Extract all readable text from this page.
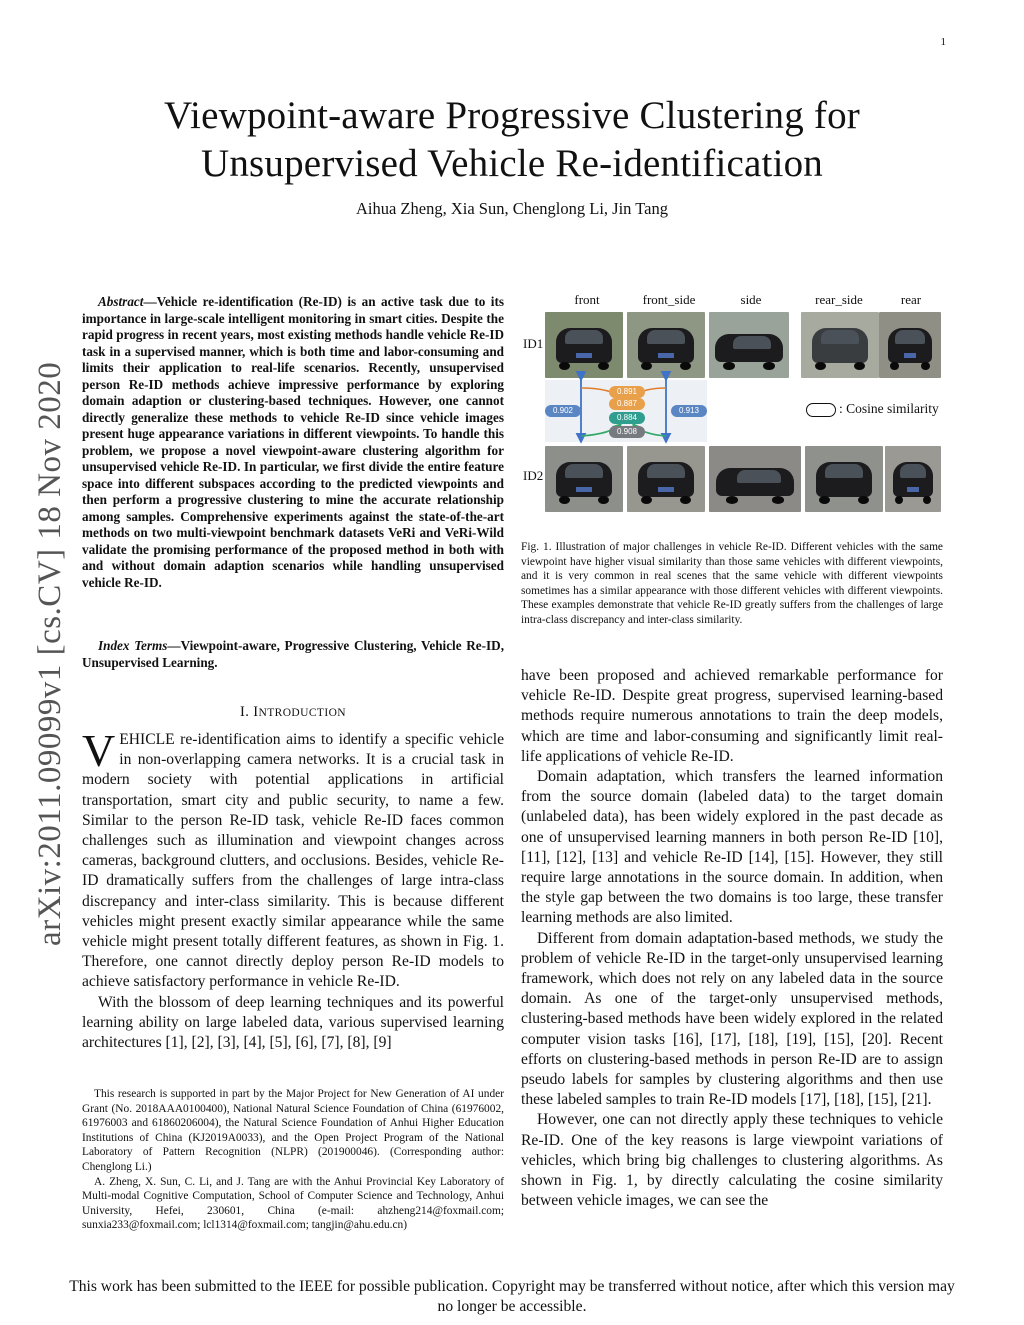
1
Viewpoint-aware Progressive Clustering for
Unsupervised Vehicle Re-identification
Aihua Zheng, Xia Sun, Chenglong Li, Jin Tang
arXiv:2011.09099v1 [cs.CV] 18 Nov 2020
Abstract—Vehicle re-identification (Re-ID) is an active task due to its importance in large-scale intelligent monitoring in smart cities. Despite the rapid progress in recent years, most existing methods handle vehicle Re-ID task in a supervised manner, which is both time and labor-consuming and limits their application to real-life scenarios. Recently, unsupervised person Re-ID methods achieve impressive performance by exploring domain adaption or clustering-based techniques. However, one cannot directly generalize these methods to vehicle Re-ID since vehicle images present huge appearance variations in different viewpoints. To handle this problem, we propose a novel viewpoint-aware clustering algorithm for unsupervised vehicle Re-ID. In particular, we first divide the entire feature space into different subspaces according to the predicted viewpoints and then perform a progressive clustering to mine the accurate relationship among samples. Comprehensive experiments against the state-of-the-art methods on two multi-viewpoint benchmark datasets VeRi and VeRi-Wild validate the promising performance of the proposed method in both with and without domain adaption scenarios while handling unsupervised vehicle Re-ID.
Index Terms—Viewpoint-aware, Progressive Clustering, Vehicle Re-ID, Unsupervised Learning.
I. INTRODUCTION

VEHICLE re-identification aims to identify a specific vehicle in non-overlapping camera networks. It is a crucial task in modern society with potential applications in artificial transportation, smart city and public security, to name a few. Similar to the person Re-ID task, vehicle Re-ID faces common challenges such as illumination and viewpoint changes across cameras, background clutters, and occlusions. Besides, vehicle Re-ID dramatically suffers from the challenges of large intra-class discrepancy and inter-class similarity. This is because different vehicles might present exactly similar appearance while the same vehicle might present totally different features, as shown in Fig. 1. Therefore, one cannot directly deploy person Re-ID models to achieve satisfactory performance in vehicle Re-ID.

With the blossom of deep learning techniques and its powerful learning ability on large labeled data, various supervised learning architectures [1], [2], [3], [4], [5], [6], [7], [8], [9]

This research is supported in part by the Major Project for New Generation of AI under Grant (No. 2018AAA0100400), National Natural Science Foundation of China (61976002, 61976003 and 61860206004), the Natural Science Foundation of Anhui Higher Education Institutions of China (KJ2019A0033), and the Open Project Program of the National Laboratory of Pattern Recognition (NLPR) (201900046). (Corresponding author: Chenglong Li.)

A. Zheng, X. Sun, C. Li, and J. Tang are with the Anhui Provincial Key Laboratory of Multi-modal Cognitive Computation, School of Computer Science and Technology, Anhui University, Hefei, 230601, China (e-mail: ahzheng214@foxmail.com; sunxia233@foxmail.com; lcl1314@foxmail.com; tangjin@ahu.edu.cn)

front	front_side	side	rear_side	rear
ID1
ID2
0.902
0.891
0.887
0.884
0.908
0.913	: Cosine similarity
Fig. 1. Illustration of major challenges in vehicle Re-ID. Different vehicles with the same viewpoint have higher visual similarity than those same vehicles with different viewpoints, and it is very common in real scenes that the same vehicle with different viewpoints sometimes has a similar appearance with those different vehicles with different viewpoints. These examples demonstrate that vehicle Re-ID greatly suffers from the challenges of large intra-class discrepancy and inter-class similarity.

have been proposed and achieved remarkable performance for vehicle Re-ID. Despite great progress, supervised learning-based methods require numerous annotations to train the deep models, which are time and labor-consuming and significantly limit real-life applications of vehicle Re-ID.

Domain adaptation, which transfers the learned information from the source domain (labeled data) to the target domain (unlabeled data), has been widely explored in the past decade as one of unsupervised learning manners in both person Re-ID [10], [11], [12], [13] and vehicle Re-ID [14], [15]. However, they still require large annotations in the source domain. In addition, when the style gap between the two domains is too large, these transfer learning methods are also limited.

Different from domain adaptation-based methods, we study the problem of vehicle Re-ID in the target-only unsupervised learning framework, which does not rely on any labeled data in the source domain. As one of the target-only unsupervised methods, clustering-based methods have been widely explored in the related computer vision tasks [16], [17], [18], [19], [15], [20]. Recent efforts on clustering-based methods in person Re-ID are to assign pseudo labels for samples by clustering algorithms and then use these labeled samples to train Re-ID models [17], [18], [15], [21].

However, one can not directly apply these techniques to vehicle Re-ID. One of the key reasons is large viewpoint variations of vehicles, which bring big challenges to clustering algorithms. As shown in Fig. 1, by directly calculating the cosine similarity between vehicle images, we can see the

This work has been submitted to the IEEE for possible publication. Copyright may be transferred without notice, after which this version may no longer be accessible.
